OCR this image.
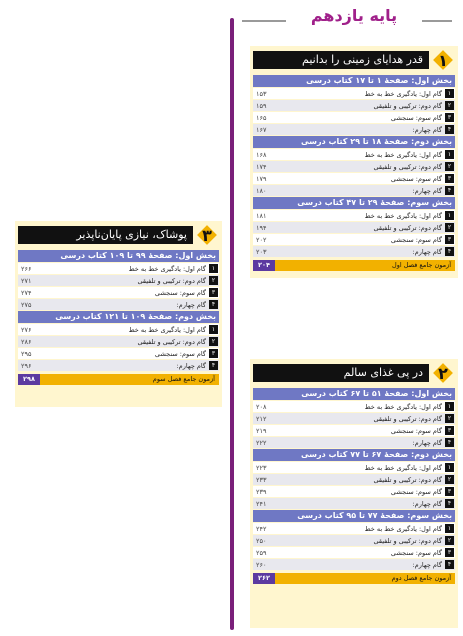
پایه یازدهم
۱
قدر هدایای زمینی را بدانیم
بخش اول: صفحهٔ ۱ تا ۱۷ کتاب درسی
۱
گام اول: یادگیری خط به خط
۱۵۳
۲
گام دوم: ترکیبی و تلفیقی
۱۵۹
۳
گام سوم: سنجشی
۱۶۵
۴
گام چهارم:
۱۶۷
بخش دوم: صفحهٔ ۱۸ تا ۲۹ کتاب درسی
۱
گام اول: یادگیری خط به خط
۱۶۸
۲
گام دوم: ترکیبی و تلفیقی
۱۷۴
۳
گام سوم: سنجشی
۱۷۹
۴
گام چهارم:
۱۸۰
بخش سوم: صفحهٔ ۲۹ تا ۴۷ کتاب درسی
۱
گام اول: یادگیری خط به خط
۱۸۱
۲
گام دوم: ترکیبی و تلفیقی
۱۹۴
۳
گام سوم: سنجشی
۲۰۲
۴
گام چهارم:
۲۰۳
آزمون جامع فصل اول
۲۰۴
۳
پوشاک، نیازی پایان‌ناپذیر
بخش اول: صفحهٔ ۹۹ تا ۱۰۹ کتاب درسی
۱
گام اول: یادگیری خط به خط
۲۶۶
۲
گام دوم: ترکیبی و تلفیقی
۲۷۱
۳
گام سوم: سنجشی
۲۷۴
۴
گام چهارم:
۲۷۵
بخش دوم: صفحهٔ ۱۰۹ تا ۱۲۱ کتاب درسی
۱
گام اول: یادگیری خط به خط
۲۷۶
۲
گام دوم: ترکیبی و تلفیقی
۲۸۶
۳
گام سوم: سنجشی
۲۹۵
۴
گام چهارم:
۲۹۶
آزمون جامع فصل سوم
۲۹۸	۲
در پی غذای سالم
بخش اول: صفحهٔ ۵۱ تا ۶۷ کتاب درسی
۱
گام اول: یادگیری خط به خط
۲۰۸
۲
گام دوم: ترکیبی و تلفیقی
۲۱۲
۳
گام سوم: سنجشی
۲۱۹
۴
گام چهارم:
۲۲۲
بخش دوم: صفحهٔ ۶۷ تا ۷۷ کتاب درسی
۱
گام اول: یادگیری خط به خط
۲۲۳
۲
گام دوم: ترکیبی و تلفیقی
۲۳۳
۳
گام سوم: سنجشی
۲۳۹
۴
گام چهارم:
۲۴۱
بخش سوم: صفحهٔ ۷۷ تا ۹۵ کتاب درسی
۱
گام اول: یادگیری خط به خط
۲۴۲
۲
گام دوم: ترکیبی و تلفیقی
۲۵۰
۳
گام سوم: سنجشی
۲۵۹
۴
گام چهارم:
۲۶۰
آزمون جامع فصل دوم
۲۶۲
